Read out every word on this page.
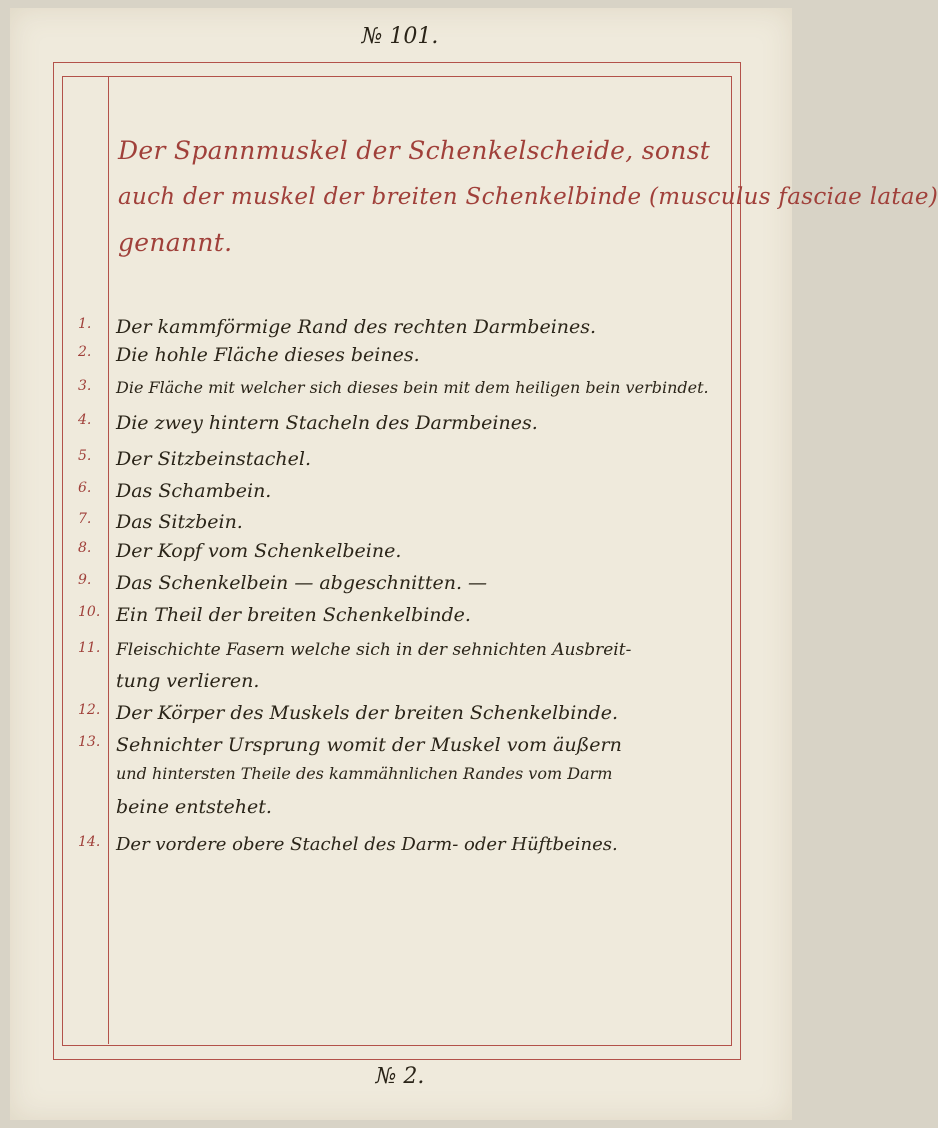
№ 101.
Der Spannmuskel der Schenkelscheide, sonst
auch der muskel der breiten Schenkelbinde (musculus fasciae latae)
genannt.
1.	Der kammförmige Rand des rechten Darmbeines.
2.	Die hohle Fläche dieses beines.
3.	Die Fläche mit welcher sich dieses bein mit dem heiligen bein verbindet.
4.	Die zwey hintern Stacheln des Darmbeines.
5.	Der Sitzbeinstachel.
6.	Das Schambein.
7.	Das Sitzbein.
8.	Der Kopf vom Schenkelbeine.
9.	Das Schenkelbein — abgeschnitten. —
10. Ein Theil der breiten Schenkelbinde.
11. Fleischichte Fasern welche sich in der sehnichten Ausbreit-
tung verlieren.
12. Der Körper des Muskels der breiten Schenkelbinde.
13. Sehnichter Ursprung womit der Muskel vom äußern
und hintersten Theile des kammähnlichen Randes vom Darm
beine entstehet.
14. Der vordere obere Stachel des Darm- oder Hüftbeines.
№ 2.
